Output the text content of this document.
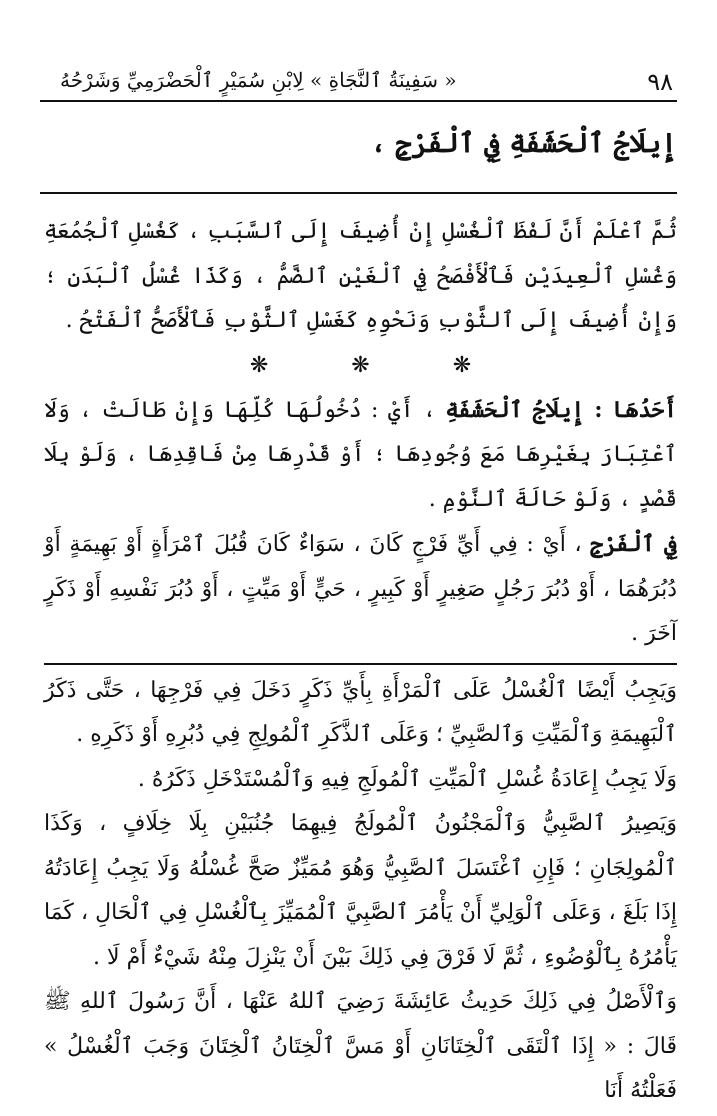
٩٨
« سَفِينَةُ ٱلنَّجَاةِ » لِابْنِ سُمَيْرٍ ٱلْحَضْرَمِيِّ وَشَرْحُهُ
إِيلَاجُ ٱلْحَشَفَةِ فِي ٱلْفَرْجِ ،

ثُمَّ ٱعْلَمْ أَنَّ لَفْظَ ٱلْغُسْلِ إِنْ أُضِيفَ إِلَى ٱلسَّبَبِ ، كَغُسْلِ ٱلْجُمُعَةِ وَغُسْلِ ٱلْعِيدَيْنِ فَٱلْأَفْصَحُ فِي ٱلْغَيْنِ ٱلضَّمُّ ، وَكَذَا غُسْلُ ٱلْبَدَنِ ؛ وَإِنْ أُضِيفَ إِلَى ٱلثَّوْبِ وَنَحْوِهِ كَغَسْلِ ٱلثَّوْبِ فَٱلْأَصَحُّ ٱلْفَتْحُ .

❋ ❋ ❋

أَحَدُهَا : إِيلَاجُ ٱلْحَشَفَةِ ، أَيْ : دُخُولُهَا كُلِّهَا وَإِنْ طَالَتْ ، وَلَا ٱعْتِبَارَ بِغَيْرِهَا مَعَ وُجُودِهَا ؛ أَوْ قَدْرِهَا مِنْ فَاقِدِهَا ، وَلَوْ بِلَا قَصْدٍ ، وَلَوْ حَالَةَ ٱلنَّوْمِ .

فِي ٱلْفَرْجِ ، أَيْ : فِي أَيِّ فَرْجٍ كَانَ ، سَوَاءٌ كَانَ قُبُلَ ٱمْرَأَةٍ أَوْ بَهِيمَةٍ أَوْ دُبُرَهُمَا ، أَوْ دُبُرَ رَجُلٍ صَغِيرٍ أَوْ كَبِيرٍ ، حَيٍّ أَوْ مَيِّتٍ ، أَوْ دُبُرَ نَفْسِهِ أَوْ ذَكَرٍ آخَرَ .

وَيَجِبُ أَيْضًا ٱلْغُسْلُ عَلَى ٱلْمَرْأَةِ بِأَيِّ ذَكَرٍ دَخَلَ فِي فَرْجِهَا ، حَتَّى ذَكَرُ ٱلْبَهِيمَةِ وَٱلْمَيِّتِ وَٱلصَّبِيِّ ؛ وَعَلَى ٱلذَّكَرِ ٱلْمُولِجِ فِي دُبُرِهِ أَوْ ذَكَرِهِ .

وَلَا يَجِبُ إِعَادَةُ غُسْلِ ٱلْمَيِّتِ ٱلْمُولَجِ فِيهِ وَٱلْمُسْتَدْخَلِ ذَكَرُهُ .

وَيَصِيرُ ٱلصَّبِيُّ وَٱلْمَجْنُونُ ٱلْمُولَجُ فِيهِمَا جُنُبَيْنِ بِلَا خِلَافٍ ، وَكَذَا ٱلْمُولِجَانِ ؛ فَإِنِ ٱغْتَسَلَ ٱلصَّبِيُّ وَهُوَ مُمَيِّزٌ صَحَّ غُسْلُهُ وَلَا يَجِبُ إِعَادَتُهُ إِذَا بَلَغَ ، وَعَلَى ٱلْوَلِيِّ أَنْ يَأْمُرَ ٱلصَّبِيَّ ٱلْمُمَيِّزَ بِٱلْغُسْلِ فِي ٱلْحَالِ ، كَمَا يَأْمُرُهُ بِٱلْوُضُوءِ ، ثُمَّ لَا فَرْقَ فِي ذَلِكَ بَيْنَ أَنْ يَنْزِلَ مِنْهُ شَيْءٌ أَمْ لَا .

وَٱلْأَصْلُ فِي ذَلِكَ حَدِيثُ عَائِشَةَ رَضِيَ ٱللهُ عَنْهَا ، أَنَّ رَسُولَ ٱللهِ ﷺ قَالَ : « إِذَا ٱلْتَقَى ٱلْخِتَانَانِ أَوْ مَسَّ ٱلْخِتَانُ ٱلْخِتَانَ وَجَبَ ٱلْغُسْلُ » فَعَلْتُهُ أَنَا
